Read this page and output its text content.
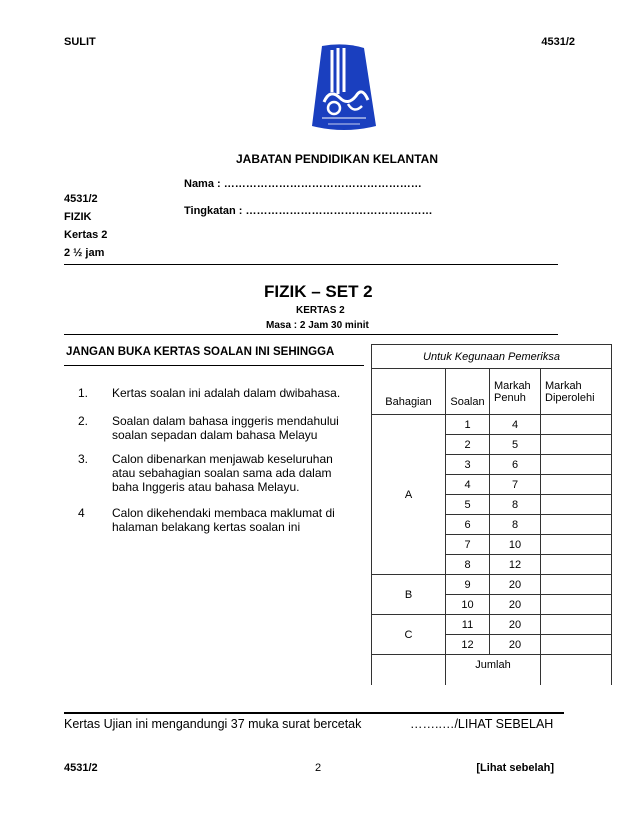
SULIT	4531/2
JABATAN PENDIDIKAN KELANTAN
Nama : ………………………………………………
Tingkatan : ……………………………………………
4531/2
FIZIK
Kertas 2
2 ½ jam
FIZIK – SET 2
KERTAS 2
Masa : 2 Jam 30 minit
JANGAN BUKA KERTAS SOALAN INI SEHINGGA
1. Kertas soalan ini adalah dalam dwibahasa.
2. Soalan dalam bahasa inggeris mendahului soalan sepadan dalam bahasa Melayu
3. Calon dibenarkan menjawab keseluruhan atau sebahagian soalan sama ada dalam baha Inggeris atau bahasa Melayu.
4 Calon dikehendaki membaca maklumat di halaman belakang kertas soalan ini
Untuk Kegunaan Pemeriksa			
Bahagian	Soalan	Markah Penuh	Markah Diperolehi
A	1	4	
	2	5	
	3	6	
	4	7	
	5	8	
	6	8	
	7	10	
	8	12	
B	9	20	
	10	20	
C	11	20	
	12	20	
	Jumlah		
Kertas Ujian ini mengandungi 37 muka surat bercetak	……..…/LIHAT SEBELAH
4531/2	2	[Lihat sebelah]
